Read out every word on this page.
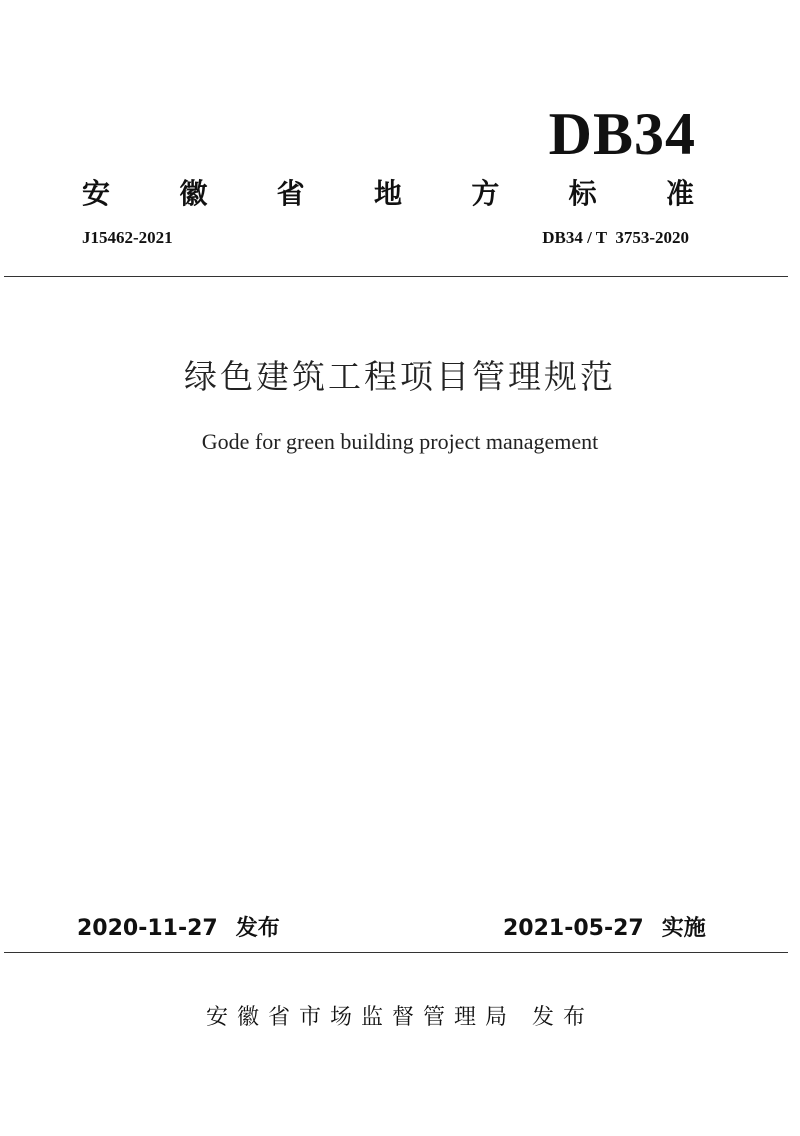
DB34
安 徽 省 地 方 标 准
J15462-2021	DB34 / T  3753-2020
绿色建筑工程项目管理规范
Gode for green building project management
2020-11-27 发布	2021-05-27 实施
安徽省市场监督管理局 发布
